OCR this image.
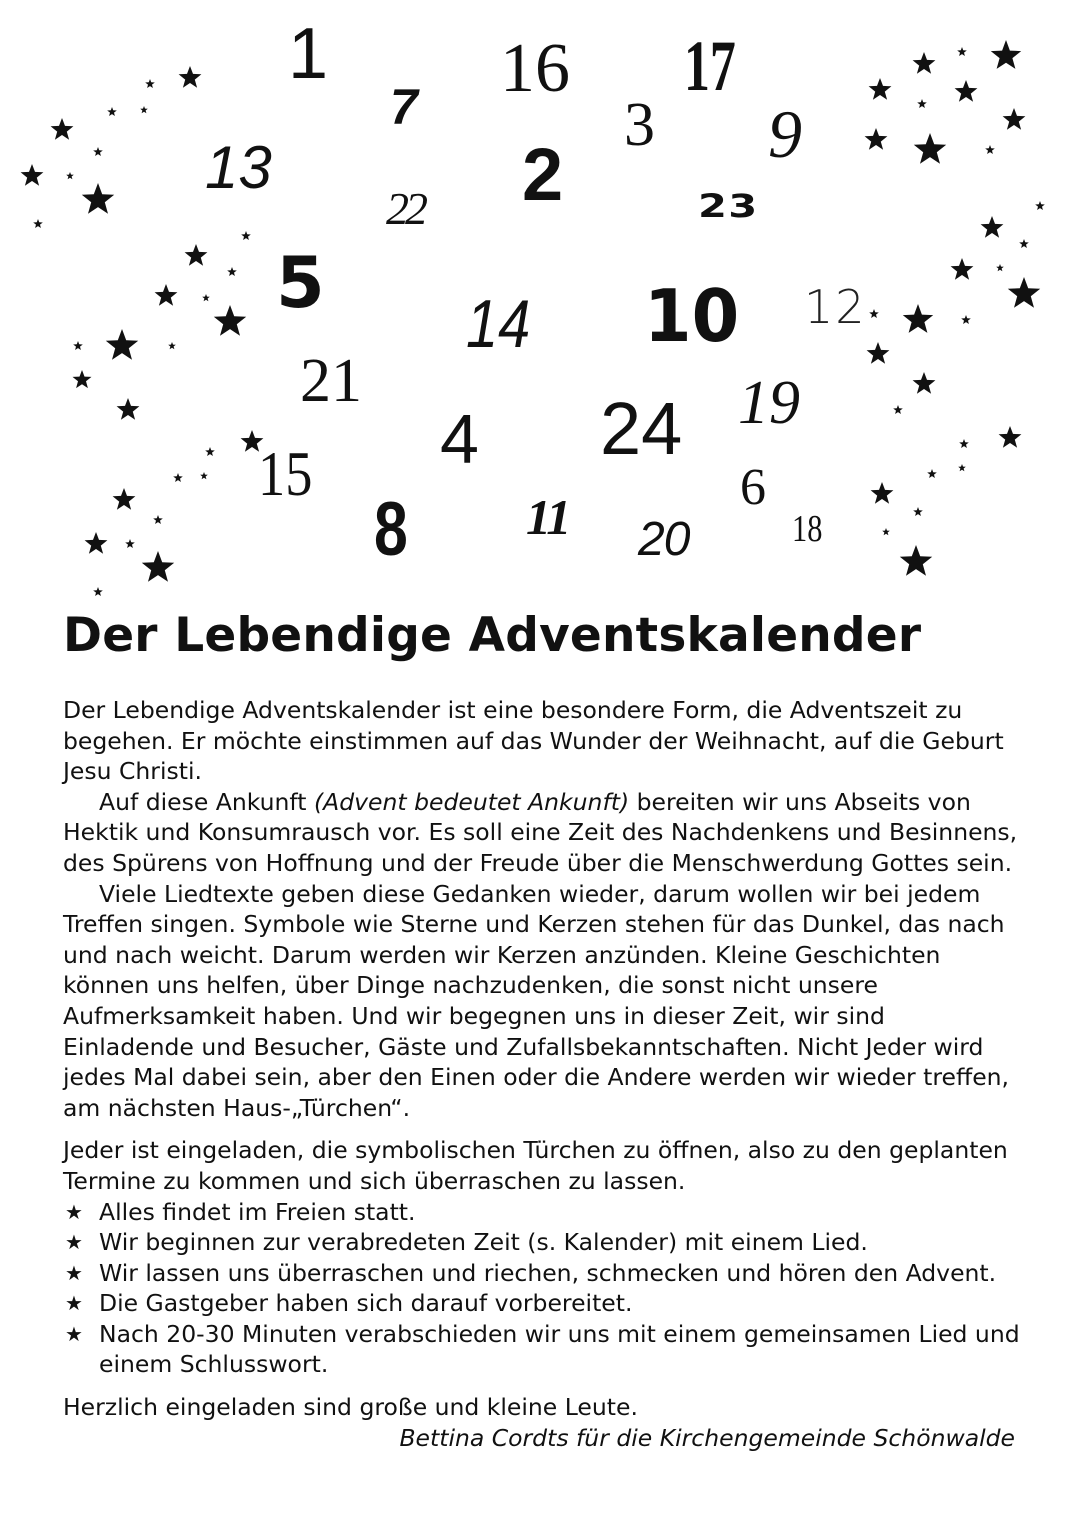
1
7 16 17
3 9
13	2
22	23
5 14 10 12
21	19
4 24
15	6
8 11 20	18
Der Lebendige Adventskalender

Der Lebendige Adventskalender ist eine besondere Form, die Adventszeit zu begehen. Er möchte einstimmen auf das Wunder der Weihnacht, auf die Geburt Jesu Christi.

Auf diese Ankunft (Advent bedeutet Ankunft) bereiten wir uns Abseits von Hektik und Konsumrausch vor. Es soll eine Zeit des Nachdenkens und Besinnens, des Spürens von Hoffnung und der Freude über die Menschwerdung Gottes sein.

Viele Liedtexte geben diese Gedanken wieder, darum wollen wir bei jedem Treffen singen. Symbole wie Sterne und Kerzen stehen für das Dunkel, das nach und nach weicht. Darum werden wir Kerzen anzünden. Kleine Geschichten können uns helfen, über Dinge nachzudenken, die sonst nicht unsere Aufmerksamkeit haben. Und wir begegnen uns in dieser Zeit, wir sind Einladende und Besucher, Gäste und Zufallsbekanntschaften. Nicht Jeder wird jedes Mal dabei sein, aber den Einen oder die Andere werden wir wieder treffen, am nächsten Haus-„Türchen“.

Jeder ist eingeladen, die symbolischen Türchen zu öffnen, also zu den geplanten Termine zu kommen und sich überraschen zu lassen.

★ Alles findet im Freien statt.
★ Wir beginnen zur verabredeten Zeit (s. Kalender) mit einem Lied.
★ Wir lassen uns überraschen und riechen, schmecken und hören den Advent.
★ Die Gastgeber haben sich darauf vorbereitet.
★ Nach 20-30 Minuten verabschieden wir uns mit einem gemeinsamen Lied und einem Schlusswort.

Herzlich eingeladen sind große und kleine Leute.

Bettina Cordts für die Kirchengemeinde Schönwalde
